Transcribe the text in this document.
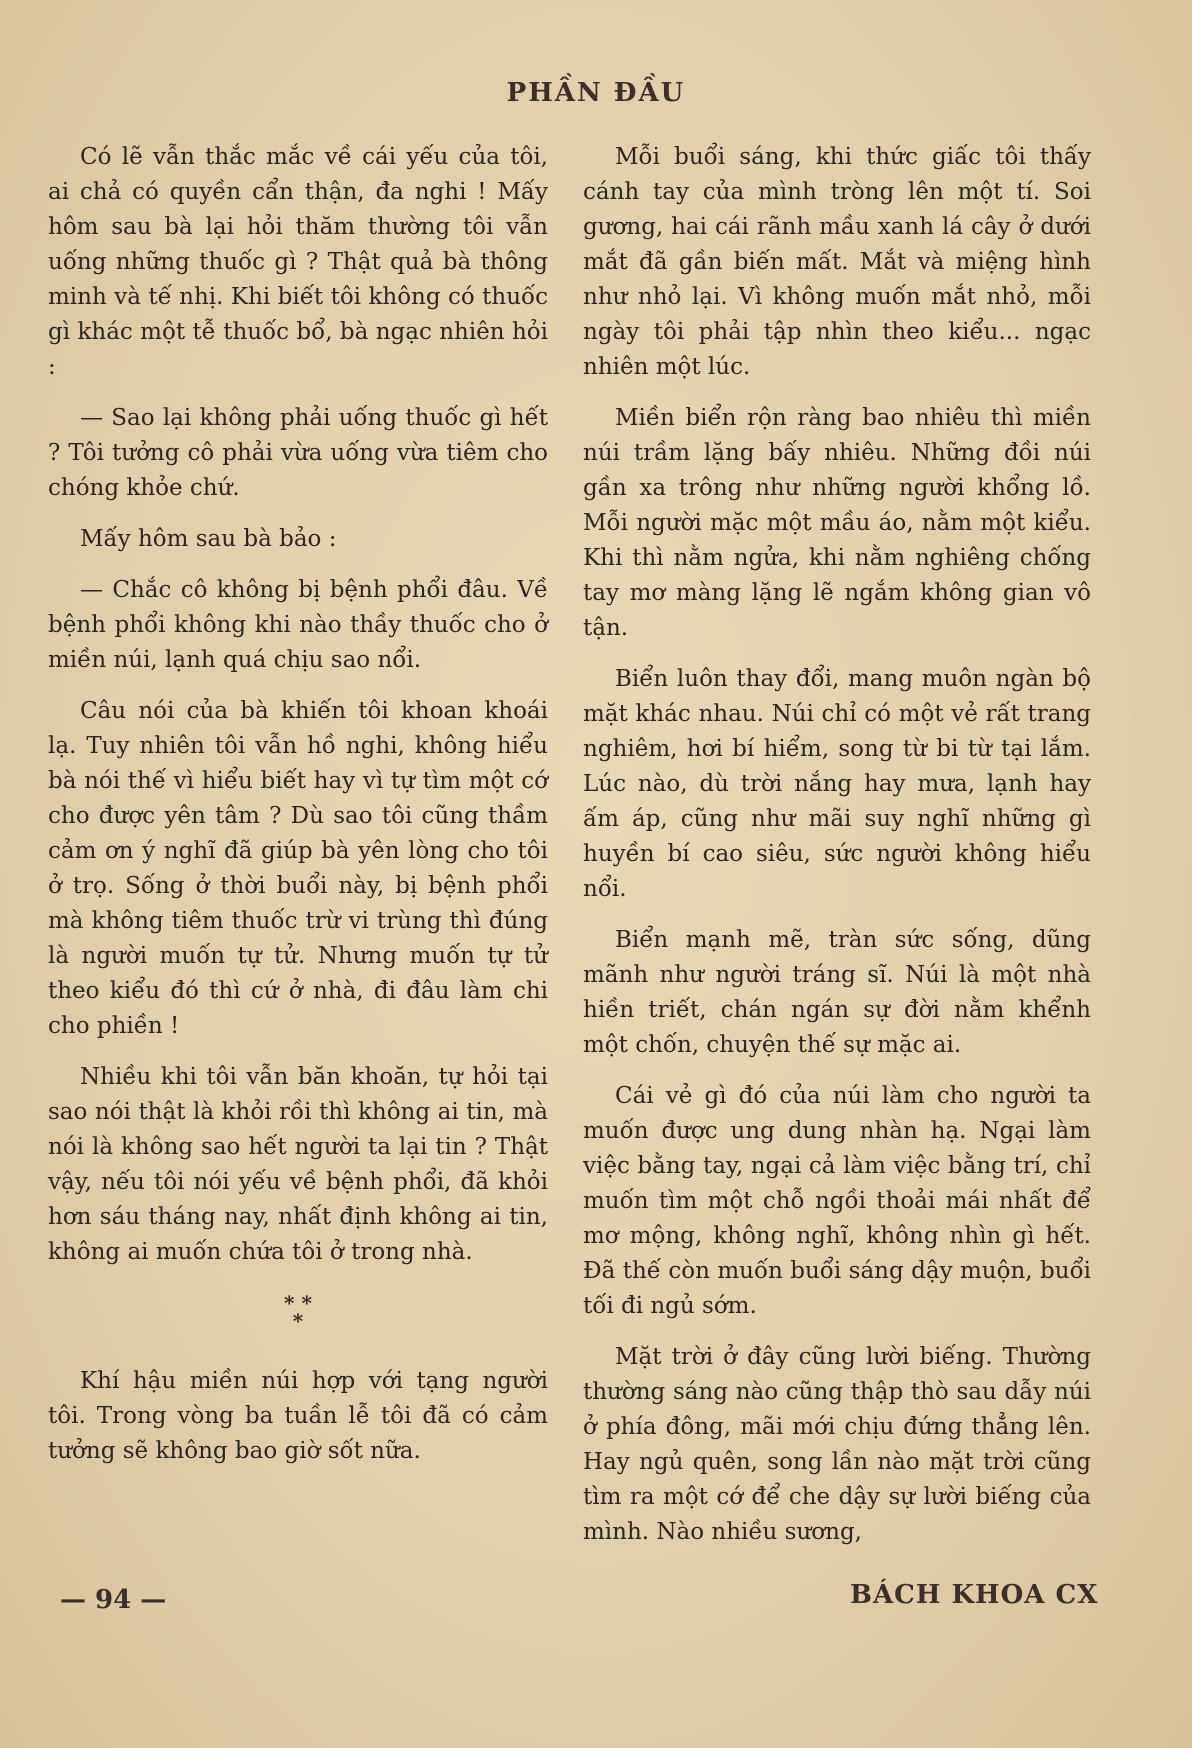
PHẦN ĐẦU

Có lẽ vẫn thắc mắc về cái yếu của tôi, ai chả có quyền cẩn thận, đa nghi ! Mấy hôm sau bà lại hỏi thăm thường tôi vẫn uống những thuốc gì ? Thật quả bà thông minh và tế nhị. Khi biết tôi không có thuốc gì khác một tễ thuốc bổ, bà ngạc nhiên hỏi :

— Sao lại không phải uống thuốc gì hết ? Tôi tưởng cô phải vừa uống vừa tiêm cho chóng khỏe chứ.

Mấy hôm sau bà bảo :

— Chắc cô không bị bệnh phổi đâu. Về bệnh phổi không khi nào thầy thuốc cho ở miền núi, lạnh quá chịu sao nổi.

Câu nói của bà khiến tôi khoan khoái lạ. Tuy nhiên tôi vẫn hồ nghi, không hiểu bà nói thế vì hiểu biết hay vì tự tìm một cớ cho được yên tâm ? Dù sao tôi cũng thầm cảm ơn ý nghĩ đã giúp bà yên lòng cho tôi ở trọ. Sống ở thời buổi này, bị bệnh phổi mà không tiêm thuốc trừ vi trùng thì đúng là người muốn tự tử. Nhưng muốn tự tử theo kiểu đó thì cứ ở nhà, đi đâu làm chi cho phiền !

Nhiều khi tôi vẫn băn khoăn, tự hỏi tại sao nói thật là khỏi rồi thì không ai tin, mà nói là không sao hết người ta lại tin ? Thật vậy, nếu tôi nói yếu về bệnh phổi, đã khỏi hơn sáu tháng nay, nhất định không ai tin, không ai muốn chứa tôi ở trong nhà.

* *
*

Khí hậu miền núi hợp với tạng người tôi. Trong vòng ba tuần lễ tôi đã có cảm tưởng sẽ không bao giờ sốt nữa.

Mỗi buổi sáng, khi thức giấc tôi thấy cánh tay của mình tròng lên một tí. Soi gương, hai cái rãnh mầu xanh lá cây ở dưới mắt đã gần biến mất. Mắt và miệng hình như nhỏ lại. Vì không muốn mắt nhỏ, mỗi ngày tôi phải tập nhìn theo kiểu... ngạc nhiên một lúc.

Miền biển rộn ràng bao nhiêu thì miền núi trầm lặng bấy nhiêu. Những đồi núi gần xa trông như những người khổng lồ. Mỗi người mặc một mầu áo, nằm một kiểu. Khi thì nằm ngửa, khi nằm nghiêng chống tay mơ màng lặng lẽ ngắm không gian vô tận.

Biển luôn thay đổi, mang muôn ngàn bộ mặt khác nhau. Núi chỉ có một vẻ rất trang nghiêm, hơi bí hiểm, song từ bi từ tại lắm. Lúc nào, dù trời nắng hay mưa, lạnh hay ấm áp, cũng như mãi suy nghĩ những gì huyền bí cao siêu, sức người không hiểu nổi.

Biển mạnh mẽ, tràn sức sống, dũng mãnh như người tráng sĩ. Núi là một nhà hiền triết, chán ngán sự đời nằm khểnh một chốn, chuyện thế sự mặc ai.

Cái vẻ gì đó của núi làm cho người ta muốn được ung dung nhàn hạ. Ngại làm việc bằng tay, ngại cả làm việc bằng trí, chỉ muốn tìm một chỗ ngồi thoải mái nhất để mơ mộng, không nghĩ, không nhìn gì hết. Đã thế còn muốn buổi sáng dậy muộn, buổi tối đi ngủ sớm.

Mặt trời ở đây cũng lười biếng. Thường thường sáng nào cũng thập thò sau dẫy núi ở phía đông, mãi mới chịu đứng thẳng lên. Hay ngủ quên, song lần nào mặt trời cũng tìm ra một cớ để che dậy sự lười biếng của mình. Nào nhiều sương,

— 94 —	BÁCH KHOA CX
